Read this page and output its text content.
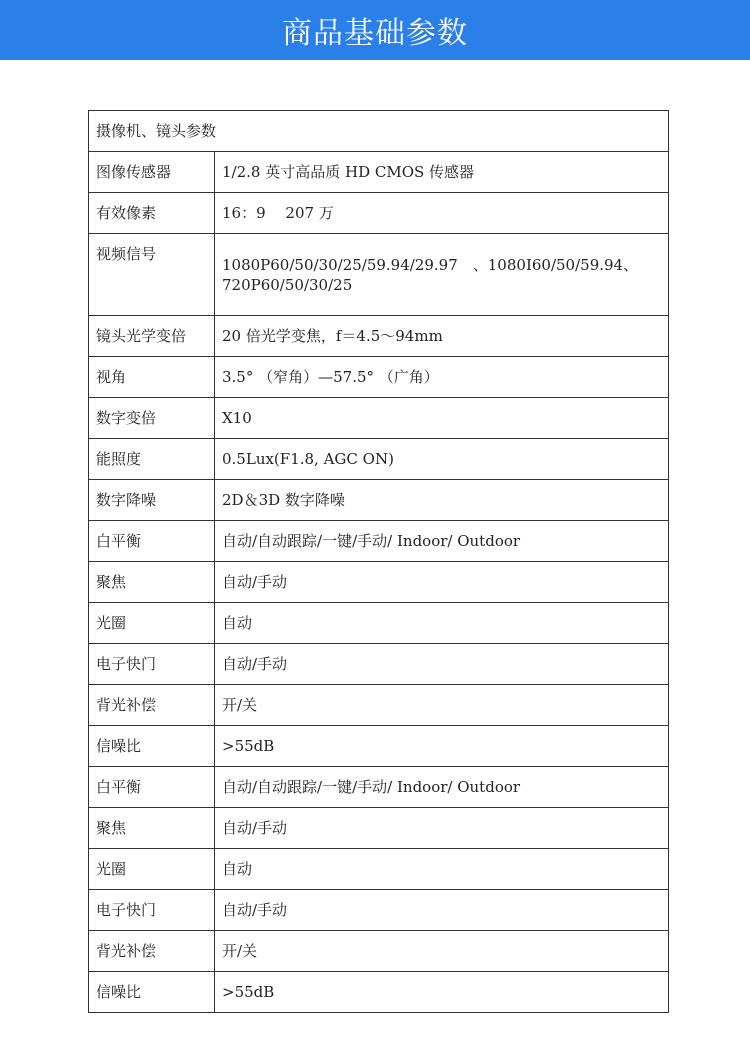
商品基础参数
摄像机、镜头参数	
图像传感器	1/2.8 英寸高品质 HD CMOS 传感器
有效像素	16：9　 207 万
视频信号	1080P60/50/30/25/59.94/29.97　、1080I60/50/59.94、
720P60/50/30/25

镜头光学变倍	20 倍光学变焦，f＝4.5～94mm
视角	3.5° （窄角）—57.5° （广角）
数字变倍	X10
能照度	0.5Lux(F1.8, AGC ON)
数字降噪	2D＆3D 数字降噪
白平衡	自动/自动跟踪/一键/手动/ Indoor/ Outdoor
聚焦	自动/手动
光圈	自动
电子快门	自动/手动
背光补偿	开/关
信噪比	>55dB
白平衡	自动/自动跟踪/一键/手动/ Indoor/ Outdoor
聚焦	自动/手动
光圈	自动
电子快门	自动/手动
背光补偿	开/关
信噪比	>55dB
